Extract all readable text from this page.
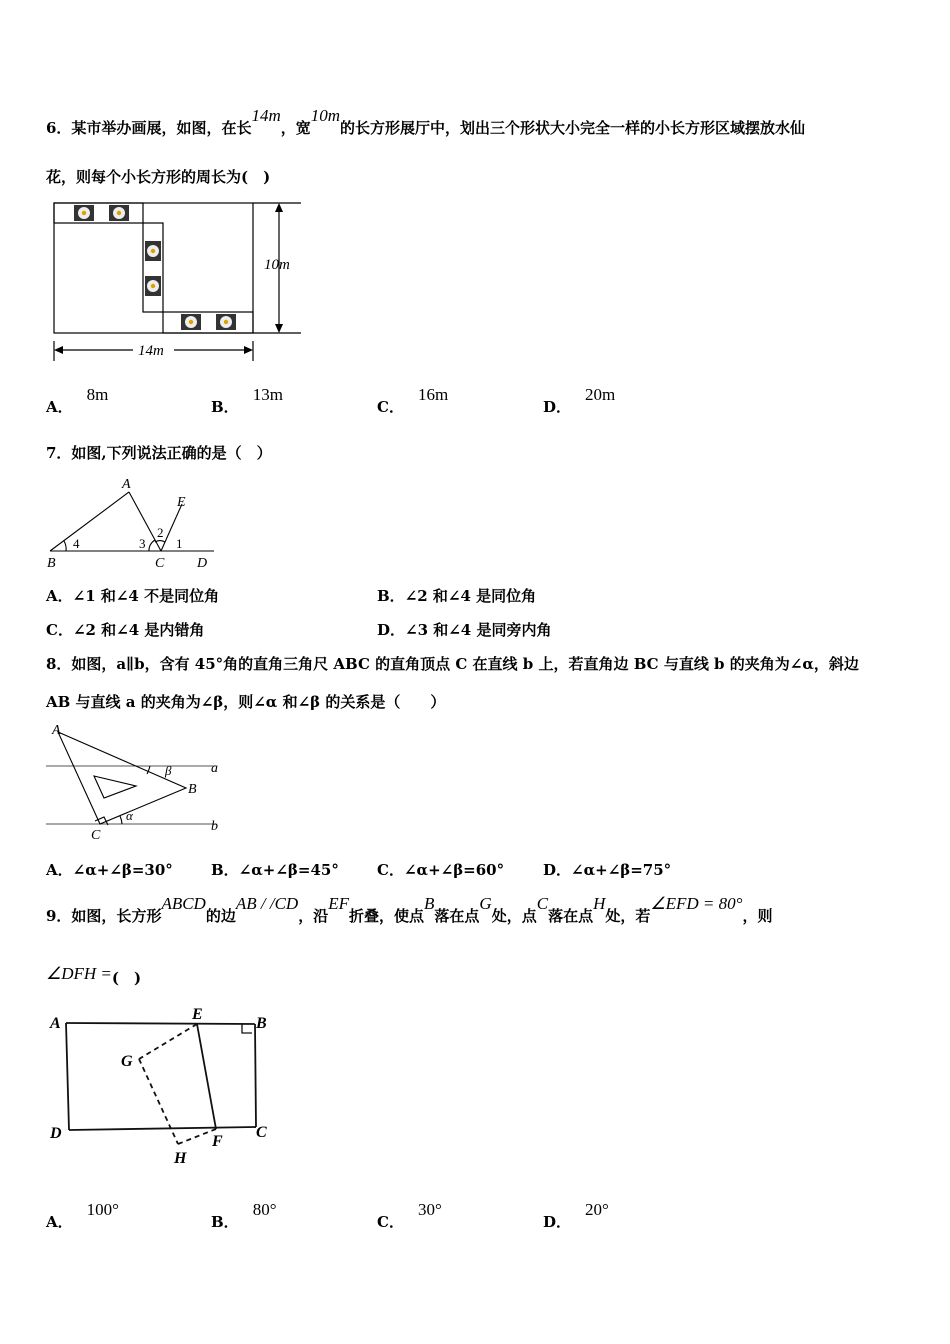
6．某市举办画展，如图，在长14m，宽10m的长方形展厅中，划出三个形状大小完全一样的小长方形区域摆放水仙
花，则每个小长方形的周长为(　)
10m
14m
A．8m
B．13m
C．16m
D．20m
7．如图,下列说法正确的是（　）
A
B	C D
E
4	3
2
1
A．∠1 和∠4 不是同位角	B．∠2 和∠4 是同位角
C．∠2 和∠4 是内错角	D．∠3 和∠4 是同旁内角
8．如图，a∥b，含有 45°角的直角三角尺 ABC 的直角顶点 C 在直线 b 上，若直角边 BC 与直线 b 的夹角为∠α，斜边
AB 与直线 a 的夹角为∠β，则∠α 和∠β 的关系是（　　）
A
B
C
a
b
α
β
A．∠α+∠β=30°	B．∠α+∠β=45°	C．∠α+∠β=60°	D．∠α+∠β=75°
9．如图，长方形ABCD的边AB / /CD，沿EF折叠，使点B落在点G处，点C落在点H处，若∠EFD = 80°，则
∠DFH =(　)
A	B
C
D
E
F
G
H
A．100°
B．80°
C．30°
D．20°
